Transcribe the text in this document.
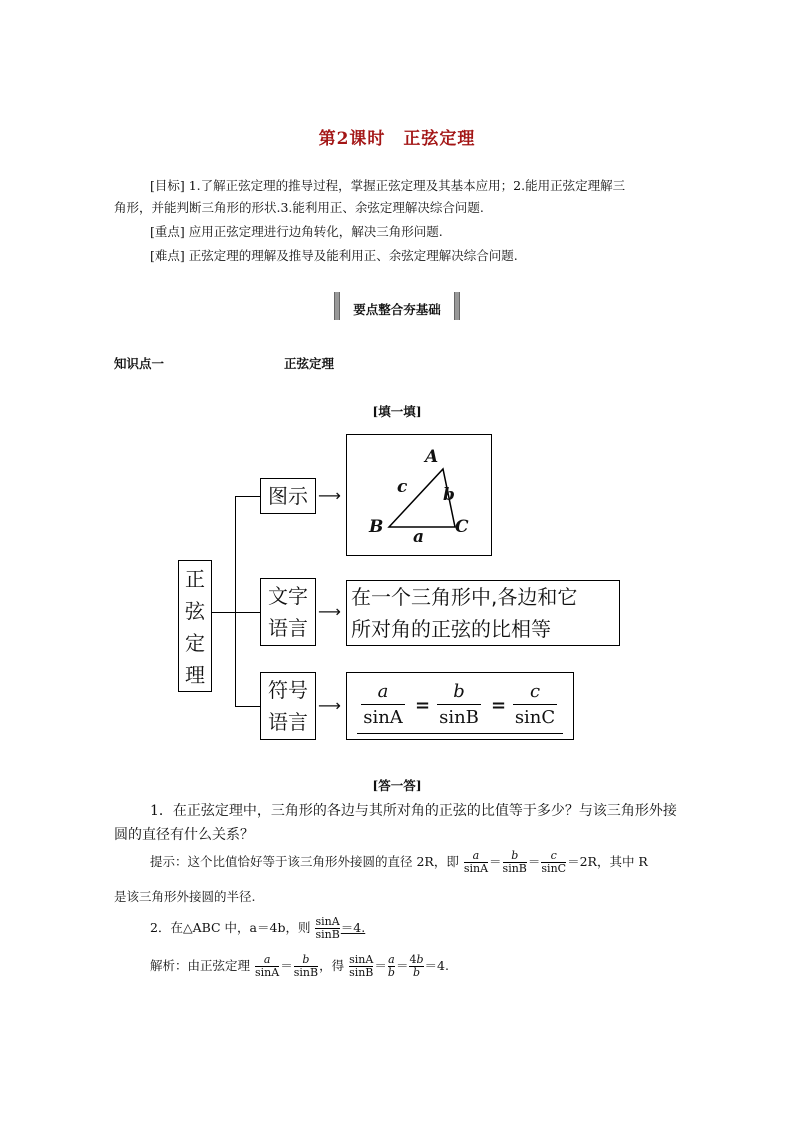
第2课时　正弦定理
[目标] 1.了解正弦定理的推导过程，掌握正弦定理及其基本应用；2.能用正弦定理解三
角形，并能判断三角形的形状.3.能利用正、余弦定理解决综合问题.
[重点] 应用正弦定理进行边角转化，解决三角形问题.
[难点] 正弦定理的理解及推导及能利用正、余弦定理解决综合问题.
要点整合夯基础
知识点一	正弦定理
[填一填]
正
弦
定
理
图示 ⟶
文字
语言
⟶
符号
语言
⟶
A
B	C
c b
a
在一个三角形中,各边和它
所对角的正弦的比相等
a
sinA
=
b
sinB
=
c
sinC
[答一答]
1．在正弦定理中，三角形的各边与其所对角的正弦的比值等于多少？与该三角形外接
圆的直径有什么关系？
提示：这个比值恰好等于该三角形外接圆的直径 2R，即 $\frac{a}{\sin A} = \frac{b}{\sin B} = \frac{c}{\sin C} =2R$，其中 R
是该三角形外接圆的半径.
2．在△ABC 中，a＝4b，则 $\frac{\sin A}{\sin B} =4$.
解析：由正弦定理 $\frac{a}{\sin A} = \frac{b}{\sin B}$ ，得 $\frac{\sin A}{\sin B} = \frac{a}{b} = \frac{4b}{b} =4$.
